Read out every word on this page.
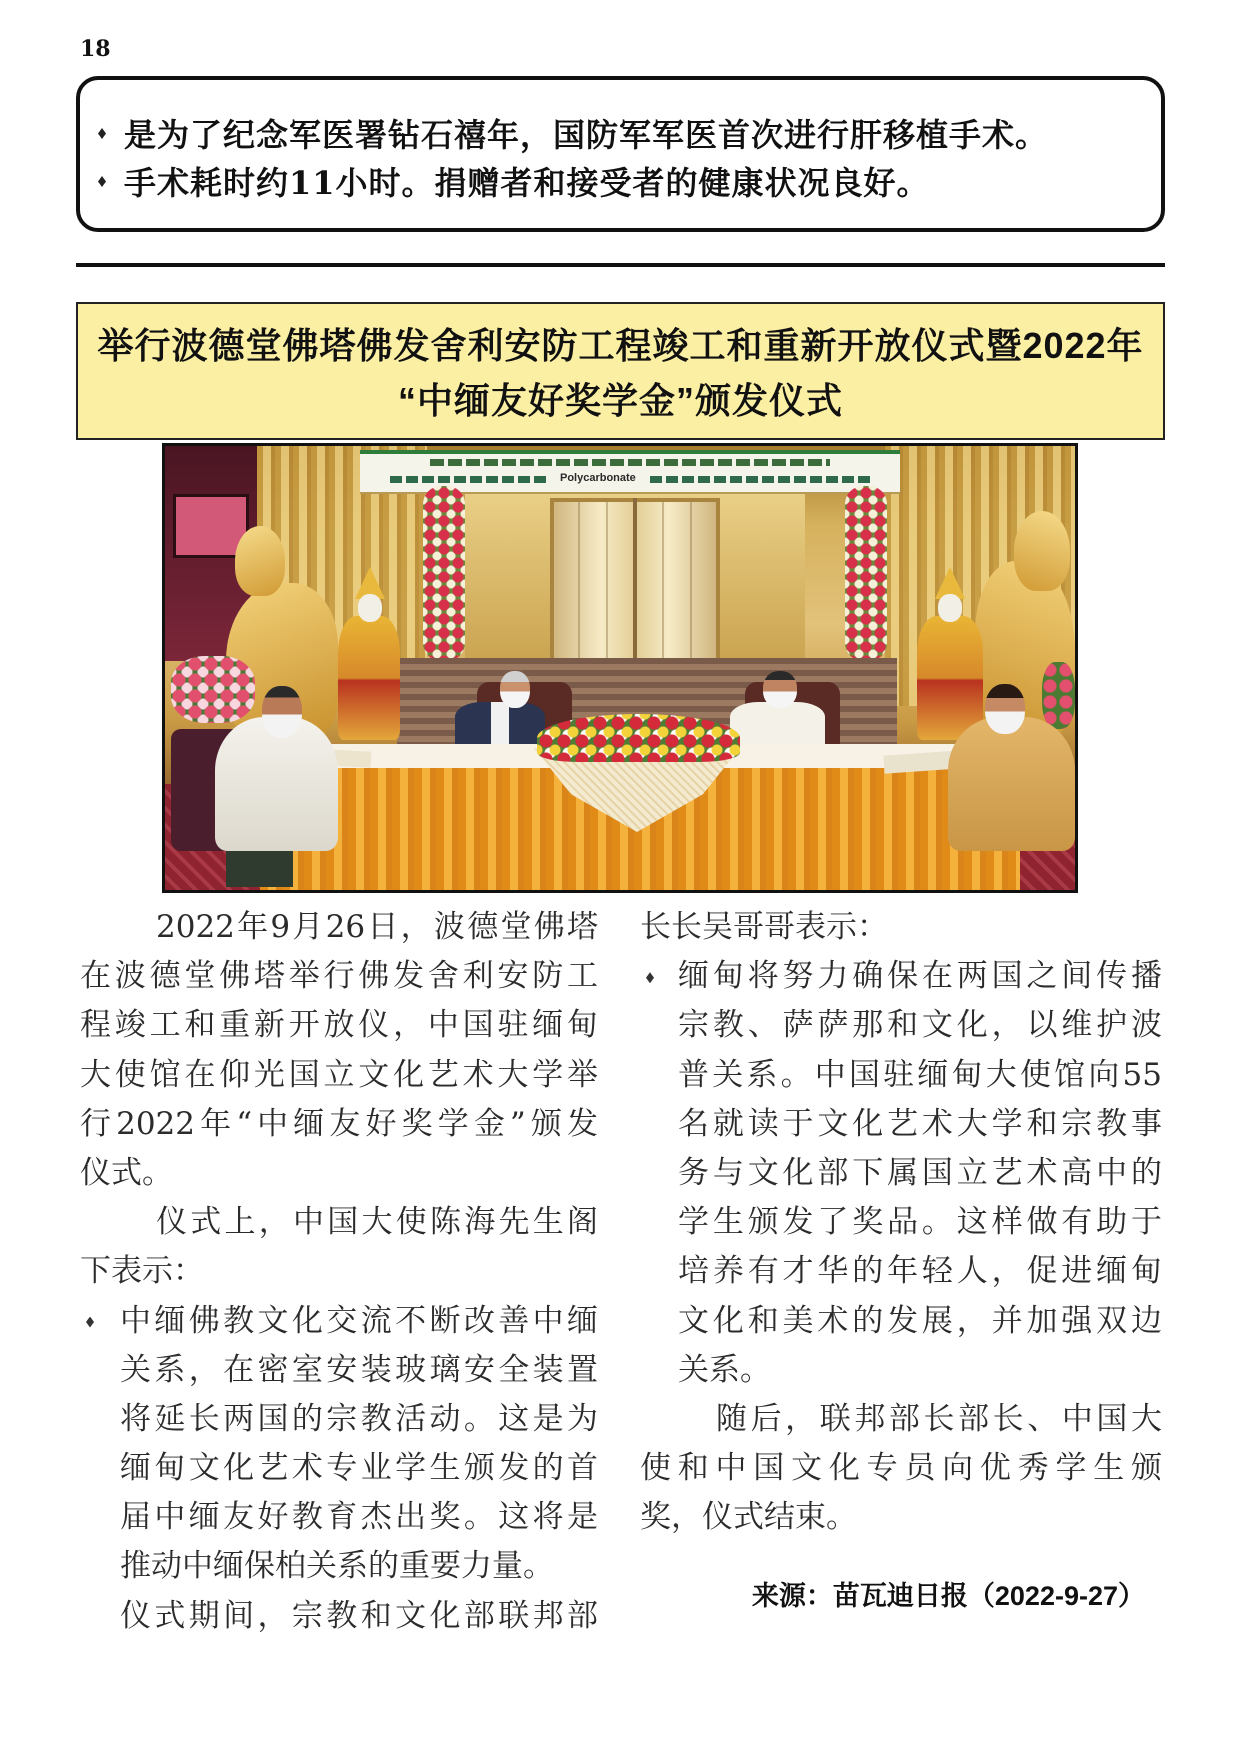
18
是为了纪念军医署钻石禧年，国防军军医首次进行肝移植手术。
手术耗时约11小时。捐赠者和接受者的健康状况良好。
举行波德堂佛塔佛发舍利安防工程竣工和重新开放仪式暨2022年
“中缅友好奖学金”颁发仪式
Polycarbonate
2022年9月26日，波德堂佛塔
在波德堂佛塔举行佛发舍利安防工
程竣工和重新开放仪，中国驻缅甸
大使馆在仰光国立文化艺术大学举
行2022年“中缅友好奖学金”颁发
仪式。
仪式上，中国大使陈海先生阁
下表示：
中缅佛教文化交流不断改善中缅
关系，在密室安装玻璃安全装置
将延长两国的宗教活动。这是为
缅甸文化艺术专业学生颁发的首
届中缅友好教育杰出奖。这将是
推动中缅保柏关系的重要力量。
仪式期间，宗教和文化部联邦部
长长吴哥哥表示：
缅甸将努力确保在两国之间传播
宗教、萨萨那和文化，以维护波
普关系。中国驻缅甸大使馆向55
名就读于文化艺术大学和宗教事
务与文化部下属国立艺术高中的
学生颁发了奖品。这样做有助于
培养有才华的年轻人，促进缅甸
文化和美术的发展，并加强双边
关系。
随后，联邦部长部长、中国大
使和中国文化专员向优秀学生颁
奖，仪式结束。
来源：苗瓦迪日报（2022-9-27）
